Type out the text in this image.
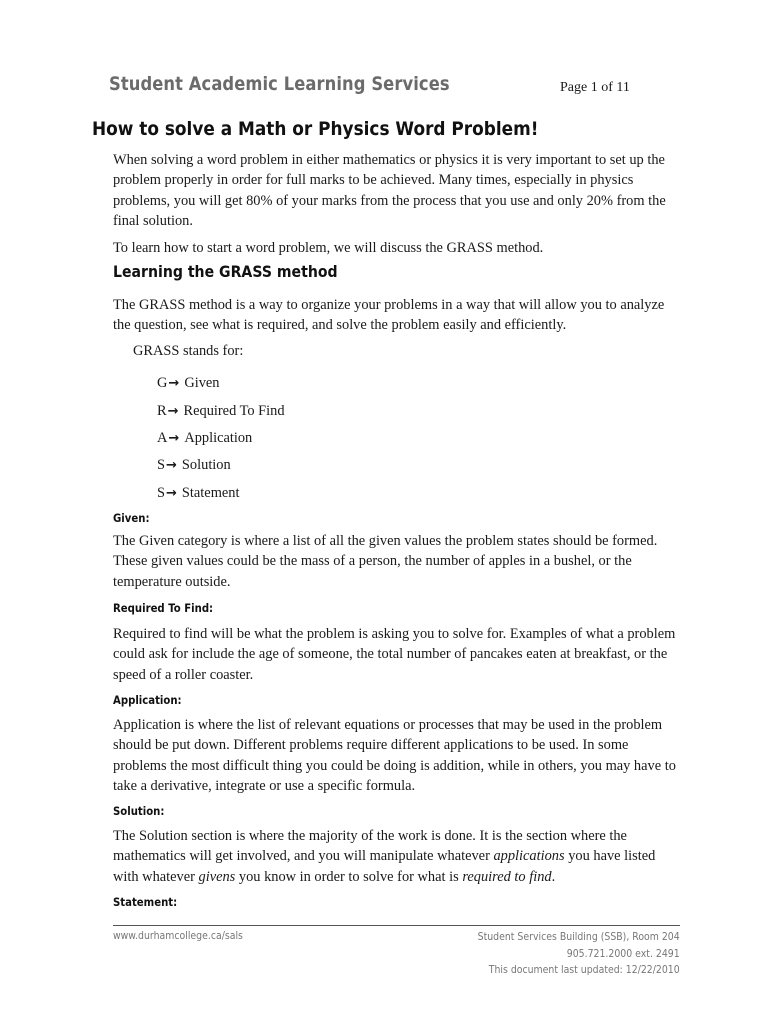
Student Academic Learning Services	Page 1 of 11
How to solve a Math or Physics Word Problem!

When solving a word problem in either mathematics or physics it is very important to set up the problem properly in order for full marks to be achieved. Many times, especially in physics problems, you will get 80% of your marks from the process that you use and only 20% from the final solution.

To learn how to start a word problem, we will discuss the GRASS method.

Learning the GRASS method

The GRASS method is a way to organize your problems in a way that will allow you to analyze the question, see what is required, and solve the problem easily and efficiently.

GRASS stands for:
G → Given
R → Required To Find
A → Application
S → Solution
S → Statement
Given:

The Given category is where a list of all the given values the problem states should be formed. These given values could be the mass of a person, the number of apples in a bushel, or the temperature outside.

Required To Find:

Required to find will be what the problem is asking you to solve for. Examples of what a problem could ask for include the age of someone, the total number of pancakes eaten at breakfast, or the speed of a roller coaster.

Application:

Application is where the list of relevant equations or processes that may be used in the problem should be put down. Different problems require different applications to be used. In some problems the most difficult thing you could be doing is addition, while in others, you may have to take a derivative, integrate or use a specific formula.

Solution:

The Solution section is where the majority of the work is done. It is the section where the mathematics will get involved, and you will manipulate whatever applications you have listed with whatever givens you know in order to solve for what is required to find.

Statement:
www.durhamcollege.ca/sals	Student Services Building (SSB), Room 204
905.721.2000 ext. 2491
This document last updated: 12/22/2010
